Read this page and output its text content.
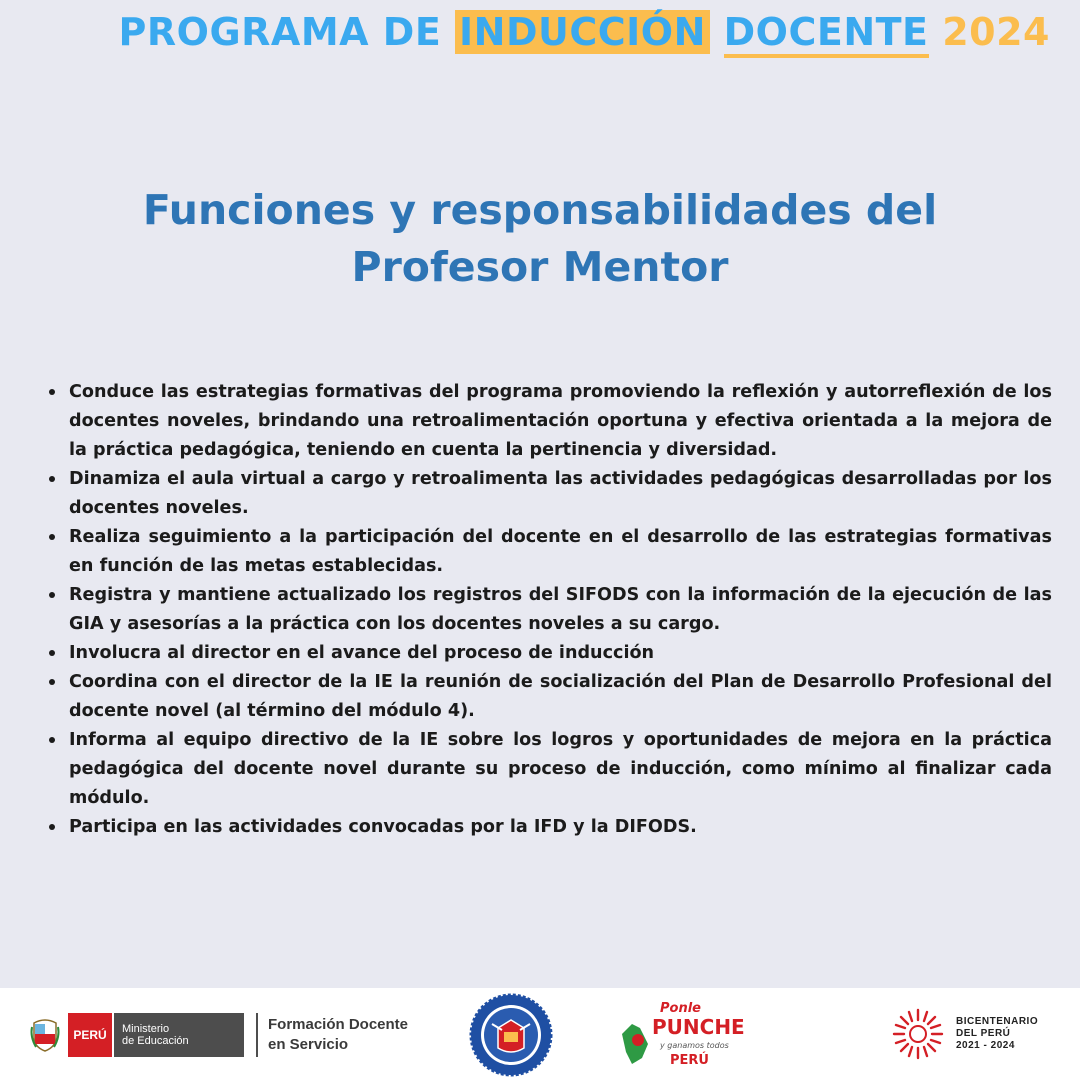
PROGRAMA DE INDUCCIÓN DOCENTE 2024
Funciones y responsabilidades del
Profesor Mentor
Conduce las estrategias formativas del programa promoviendo la reflexión y autorreflexión de los docentes noveles, brindando una retroalimentación oportuna y efectiva orientada a la mejora de la práctica pedagógica, teniendo en cuenta la pertinencia y diversidad.
Dinamiza el aula virtual a cargo y retroalimenta las actividades pedagógicas desarrolladas por los docentes noveles.
Realiza seguimiento a la participación del docente en el desarrollo de las estrategias formativas en función de las metas establecidas.
Registra y mantiene actualizado los registros del SIFODS con la información de la ejecución de las GIA y asesorías a la práctica con los docentes noveles a su cargo.
Involucra al director en el avance del proceso de inducción
Coordina con el director de la IE la reunión de socialización del Plan de Desarrollo Profesional del docente novel (al término del módulo 4).
Informa al equipo directivo de la IE sobre los logros y oportunidades de mejora en la práctica pedagógica del docente novel durante su proceso de inducción, como mínimo al finalizar cada módulo.
Participa en las actividades convocadas por la IFD y la DIFODS.
PERÚ	Ministerio
de Educación
Formación Docente
en Servicio
Ponle
PUNCHE
y ganamos todos
PERÚ
BICENTENARIO
DEL PERÚ
2021 - 2024
